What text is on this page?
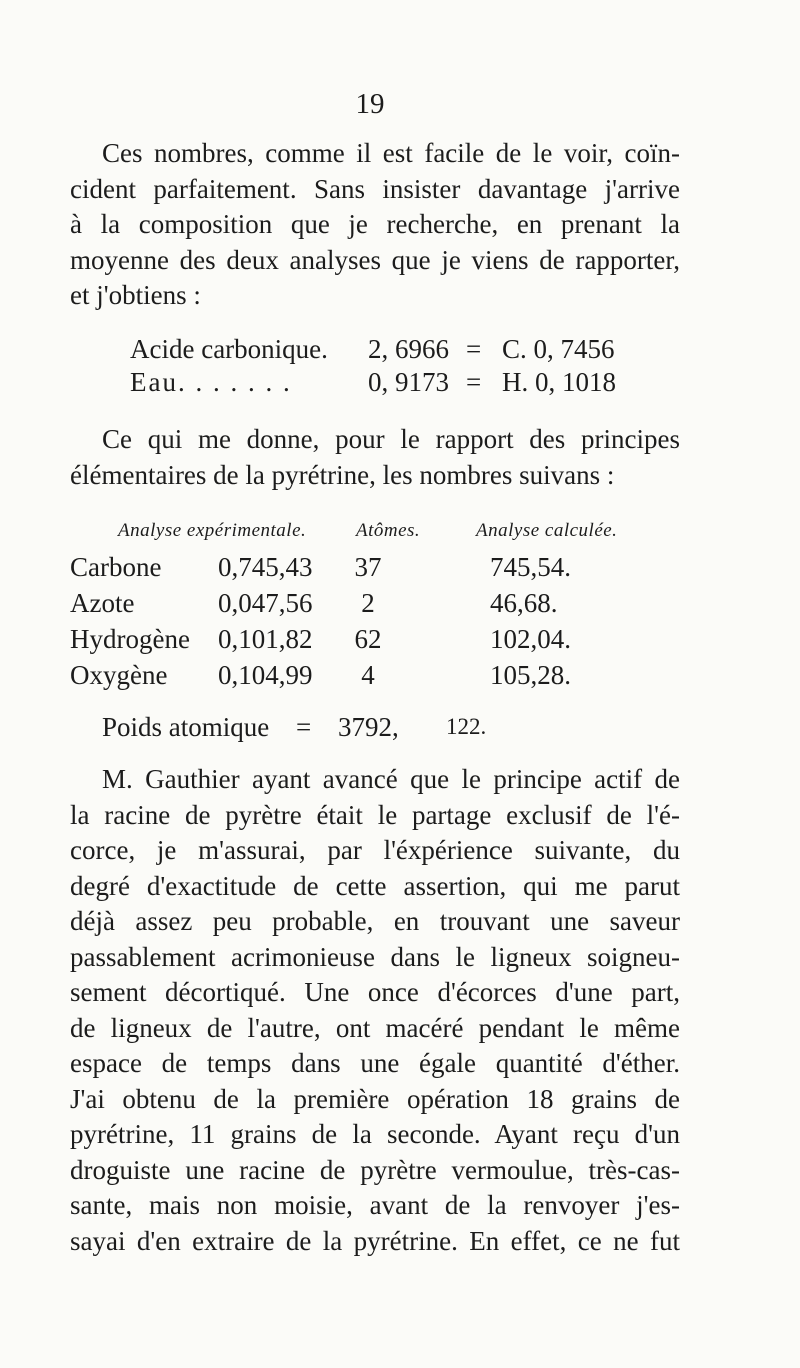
19

Ces nombres, comme il est facile de le voir, coïn-
cident parfaitement. Sans insister davantage j'arrive
à la composition que je recherche, en prenant la
moyenne des deux analyses que je viens de rapporter,
et j'obtiens :

Acide carbonique. 2, 6966 = C. 0, 7456
Eau. . . . . . .	0, 9173 = H. 0, 1018

Ce qui me donne, pour le rapport des principes
élémentaires de la pyrétrine, les nombres suivans :

Analyse expérimentale.	Atômes.	Analyse calculée.
Carbone 0,745,43	37	745,54.
Azote	0,047,56	2	46,68.
Hydrogène 0,101,82	62	102,04.
Oxygène 0,104,99	4	105,28.
Poids atomique = 3792, 122.

M. Gauthier ayant avancé que le principe actif de
la racine de pyrètre était le partage exclusif de l'é-
corce, je m'assurai, par l'éxpérience suivante, du
degré d'exactitude de cette assertion, qui me parut
déjà assez peu probable, en trouvant une saveur
passablement acrimonieuse dans le ligneux soigneu-
sement décortiqué. Une once d'écorces d'une part,
de ligneux de l'autre, ont macéré pendant le même
espace de temps dans une égale quantité d'éther.
J'ai obtenu de la première opération 18 grains de
pyrétrine, 11 grains de la seconde. Ayant reçu d'un
droguiste une racine de pyrètre vermoulue, très-cas-
sante, mais non moisie, avant de la renvoyer j'es-
sayai d'en extraire de la pyrétrine. En effet, ce ne fut
